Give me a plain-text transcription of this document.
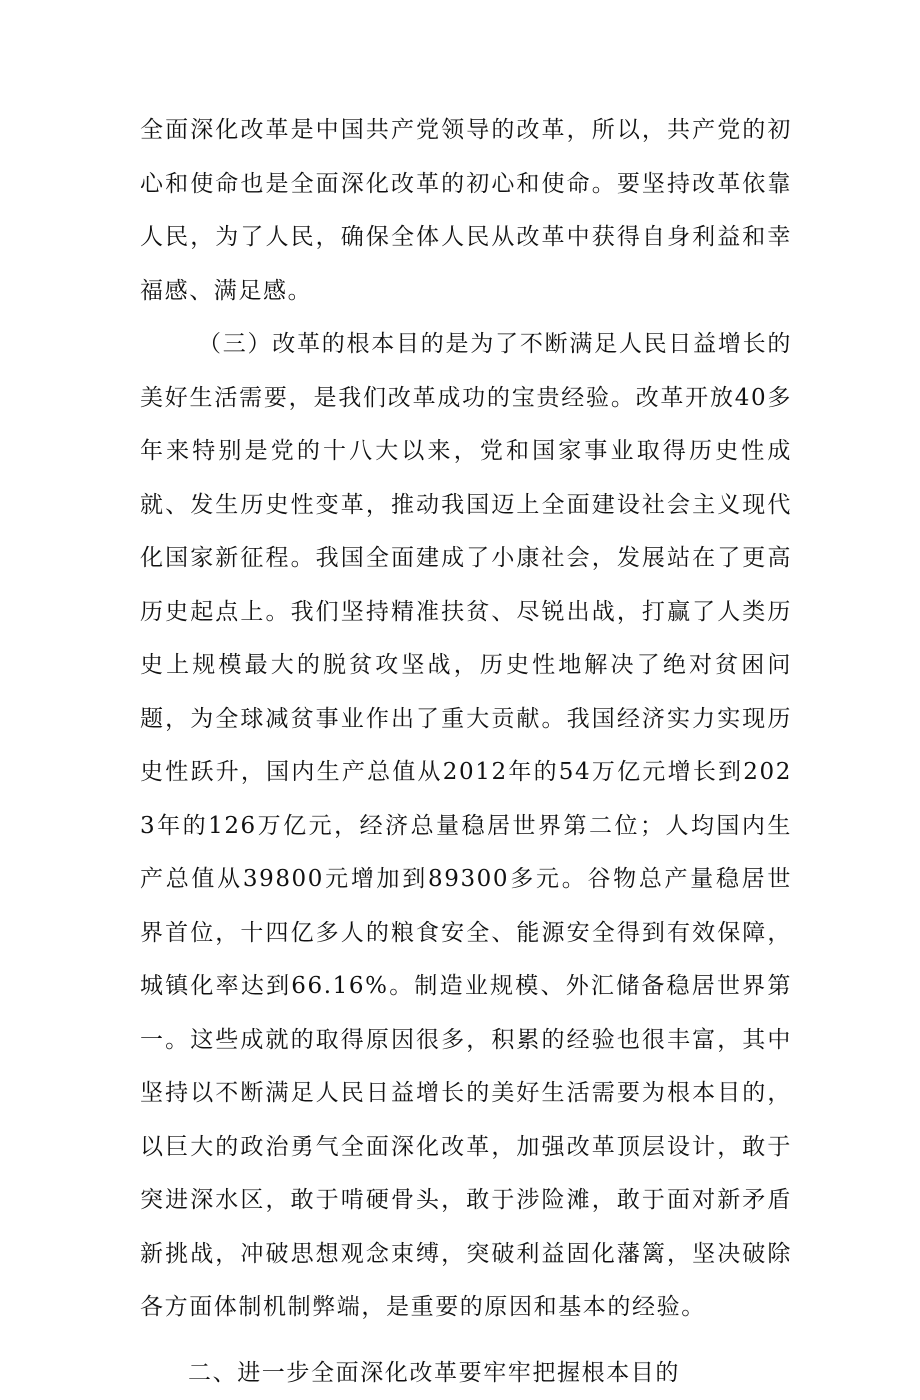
全面深化改革是中国共产党领导的改革，所以，共产党的初心和使命也是全面深化改革的初心和使命。要坚持改革依靠人民，为了人民，确保全体人民从改革中获得自身利益和幸福感、满足感。

（三）改革的根本目的是为了不断满足人民日益增长的美好生活需要，是我们改革成功的宝贵经验。改革开放40多年来特别是党的十八大以来，党和国家事业取得历史性成就、发生历史性变革，推动我国迈上全面建设社会主义现代化国家新征程。我国全面建成了小康社会，发展站在了更高历史起点上。我们坚持精准扶贫、尽锐出战，打赢了人类历史上规模最大的脱贫攻坚战，历史性地解决了绝对贫困问题，为全球减贫事业作出了重大贡献。我国经济实力实现历史性跃升，国内生产总值从2012年的54万亿元增长到2023年的126万亿元，经济总量稳居世界第二位；人均国内生产总值从39800元增加到89300多元。谷物总产量稳居世界首位，十四亿多人的粮食安全、能源安全得到有效保障，城镇化率达到66.16%。制造业规模、外汇储备稳居世界第一。这些成就的取得原因很多，积累的经验也很丰富，其中坚持以不断满足人民日益增长的美好生活需要为根本目的，以巨大的政治勇气全面深化改革，加强改革顶层设计，敢于突进深水区，敢于啃硬骨头，敢于涉险滩，敢于面对新矛盾新挑战，冲破思想观念束缚，突破利益固化藩篱，坚决破除各方面体制机制弊端，是重要的原因和基本的经验。

二、进一步全面深化改革要牢牢把握根本目的
